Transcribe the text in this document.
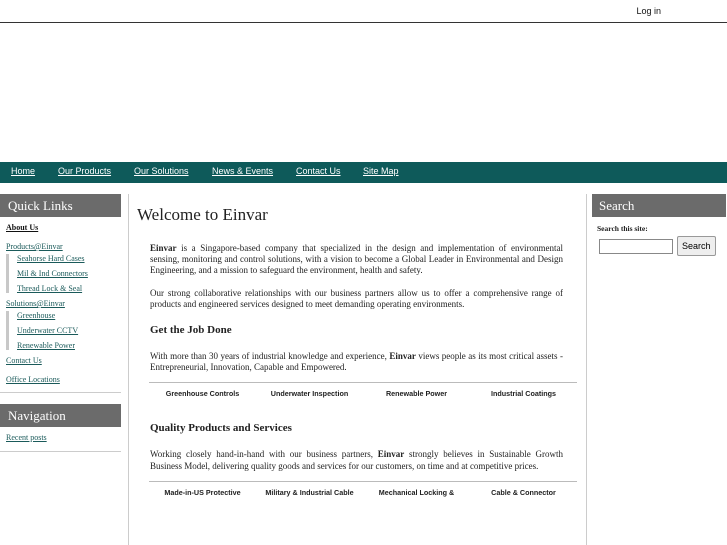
Log in
Home	Our Products	Our Solutions	News & Events	Contact Us Site Map
Quick Links
About Us
Products@Einvar
Seahorse Hard Cases
Mil & Ind Connectors
Thread Lock & Seal
Solutions@Einvar
Greenhouse
Underwater CCTV
Renewable Power
Contact Us
Office Locations
Navigation
Recent posts
Welcome to Einvar

Einvar is a Singapore-based company that specialized in the design and implementation of environmental sensing, monitoring and control solutions, with a vision to become a Global Leader in Environmental and Design Engineering, and a mission to safeguard the environment, health and safety.

Our strong collaborative relationships with our business partners allow us to offer a comprehensive range of products and engineered services designed to meet demanding operating environments.

Get the Job Done

With more than 30 years of industrial knowledge and experience, Einvar views people as its most critical assets - Entrepreneurial, Innovation, Capable and Empowered.

Greenhouse Controls	Underwater Inspection	Renewable Power	Industrial Coatings
Quality Products and Services

Working closely hand-in-hand with our business partners, Einvar strongly believes in Sustainable Growth Business Model, delivering quality goods and services for our customers, on time and at competitive prices.

Made-in-US Protective	Military & Industrial Cable	Mechanical Locking &	Cable & Connector
Search
Search this site:
Search
